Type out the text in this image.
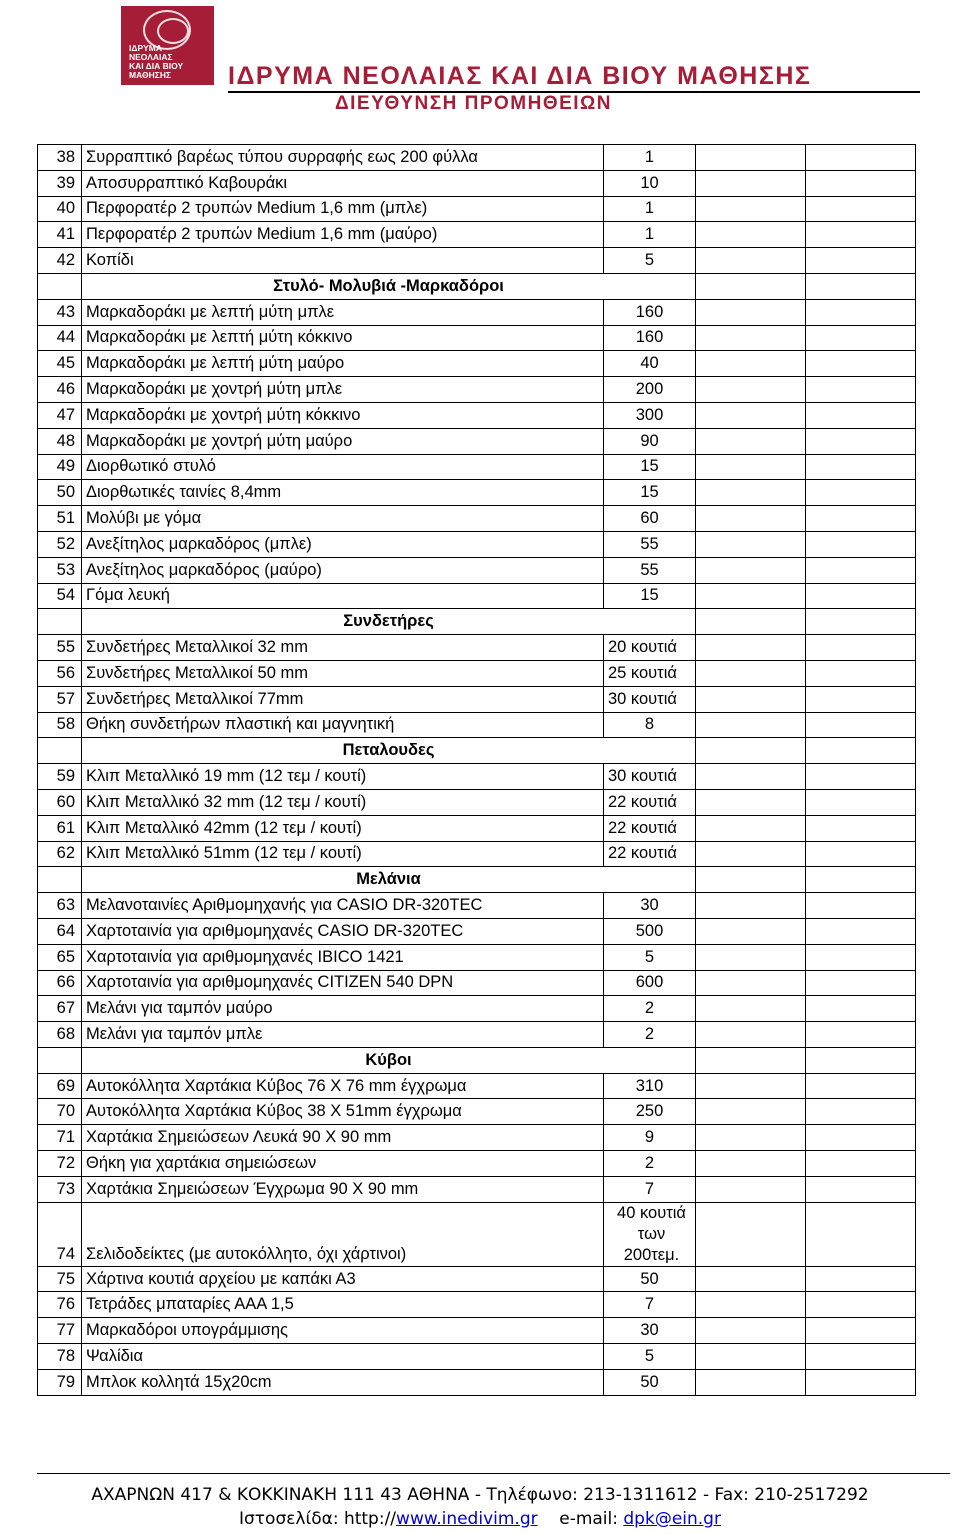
ΙΔΡΥΜΑ
ΝΕΟΛΑΙΑΣ
ΚΑΙ ΔΙΑ ΒΙΟΥ
ΜΑΘΗΣΗΣ	ΙΔΡΥΜΑ ΝΕΟΛΑΙΑΣ ΚΑΙ ΔΙΑ ΒΙΟΥ ΜΑΘΗΣΗΣ
ΔΙΕΥΘΥΝΣΗ ΠΡΟΜΗΘΕΙΩΝ
38	Συρραπτικό βαρέως τύπου συρραφής εως 200 φύλλα	1		
39	Αποσυρραπτικό Καβουράκι	10		
40	Περφορατέρ 2 τρυπών Medium 1,6 mm (μπλε)	1		
41	Περφορατέρ 2 τρυπών Medium 1,6 mm (μαύρο)	1		
42	Κοπίδι	5		
	Στυλό- Μολυβιά -Μαρκαδόροι			
43	Μαρκαδοράκι με λεπτή μύτη μπλε	160		
44	Μαρκαδοράκι με λεπτή μύτη κόκκινο	160		
45	Μαρκαδοράκι με λεπτή μύτη μαύρο	40		
46	Μαρκαδοράκι με χοντρή μύτη μπλε	200		
47	Μαρκαδοράκι με χοντρή μύτη κόκκινο	300		
48	Μαρκαδοράκι με χοντρή μύτη μαύρο	90		
49	Διορθωτικό στυλό	15		
50	Διορθωτικές ταινίες 8,4mm	15		
51	Μολύβι με γόμα	60		
52	Ανεξίτηλος μαρκαδόρος (μπλε)	55		
53	Ανεξίτηλος μαρκαδόρος (μαύρο)	55		
54	Γόμα λευκή	15		
	Συνδετήρες			
55	Συνδετήρες Μεταλλικοί 32 mm	20 κουτιά		
56	Συνδετήρες Μεταλλικοί 50 mm	25 κουτιά		
57	Συνδετήρες Μεταλλικοί 77mm	30 κουτιά		
58	Θήκη συνδετήρων πλαστική και μαγνητική	8		
	Πεταλουδες			
59	Κλιπ Μεταλλικό 19 mm (12 τεμ / κουτί)	30 κουτιά		
60	Κλιπ Μεταλλικό 32 mm (12 τεμ / κουτί)	22 κουτιά		
61	Κλιπ Μεταλλικό 42mm (12 τεμ / κουτί)	22 κουτιά		
62	Κλιπ Μεταλλικό 51mm (12 τεμ / κουτί)	22 κουτιά		
	Μελάνια			
63	Μελανοταινίες Αριθμομηχανής για CASIO DR-320TEC	30		
64	Χαρτοταινία για αριθμομηχανές CASIO DR-320TEC	500		
65	Χαρτοταινία για αριθμομηχανές IBICO 1421	5		
66	Χαρτοταινία για αριθμομηχανές CITIZEN 540 DPN	600		
67	Μελάνι για ταμπόν μαύρο	2		
68	Μελάνι για ταμπόν μπλε	2		
	Κύβοι			
69	Αυτοκόλλητα Χαρτάκια Κύβος 76 Χ 76 mm έγχρωμα	310		
70	Αυτοκόλλητα Χαρτάκια Κύβος 38 Χ 51mm έγχρωμα	250		
71	Χαρτάκια Σημειώσεων Λευκά 90 Χ 90 mm	9		
72	Θήκη για χαρτάκια σημειώσεων	2		
73	Χαρτάκια Σημειώσεων Έγχρωμα 90 Χ 90 mm	7		
74	Σελιδοδείκτες (με αυτοκόλλητο, όχι χάρτινοι)	40 κουτιά των 200τεμ.		
75	Χάρτινα κουτιά αρχείου με καπάκι Α3	50		
76	Τετράδες μπαταρίες ΑΑΑ 1,5	7		
77	Μαρκαδόροι υπογράμμισης	30		
78	Ψαλίδια	5		
79	Μπλοκ κολλητά 15χ20cm	50		
ΑΧΑΡΝΩΝ 417 & ΚΟΚΚΙΝΑΚΗ 111 43 ΑΘΗΝΑ - Τηλέφωνο: 213-1311612 - Fax: 210-2517292
Ιστοσελίδα: http://www.inedivim.gr e-mail: dpk@ein.gr
